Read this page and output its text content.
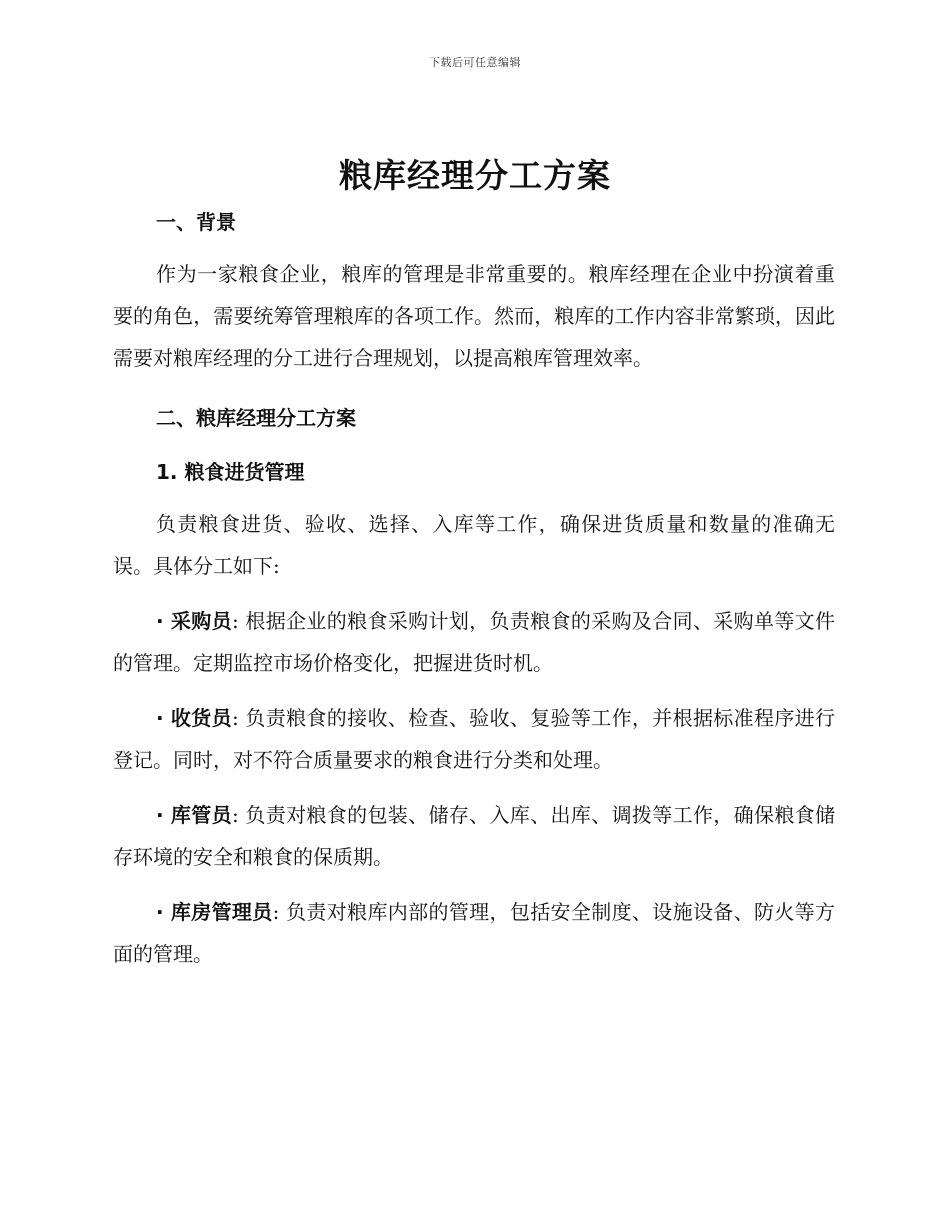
下载后可任意编辑
粮库经理分工方案
一、背景

作为一家粮食企业，粮库的管理是非常重要的。粮库经理在企业中扮演着重要的角色，需要统筹管理粮库的各项工作。然而，粮库的工作内容非常繁琐，因此需要对粮库经理的分工进行合理规划，以提高粮库管理效率。

二、粮库经理分工方案
1. 粮食进货管理

负责粮食进货、验收、选择、入库等工作，确保进货质量和数量的准确无误。具体分工如下:

· 采购员: 根据企业的粮食采购计划，负责粮食的采购及合同、采购单等文件的管理。定期监控市场价格变化，把握进货时机。

· 收货员: 负责粮食的接收、检查、验收、复验等工作，并根据标准程序进行登记。同时，对不符合质量要求的粮食进行分类和处理。

· 库管员: 负责对粮食的包装、储存、入库、出库、调拨等工作，确保粮食储存环境的安全和粮食的保质期。

· 库房管理员: 负责对粮库内部的管理，包括安全制度、设施设备、防火等方面的管理。
